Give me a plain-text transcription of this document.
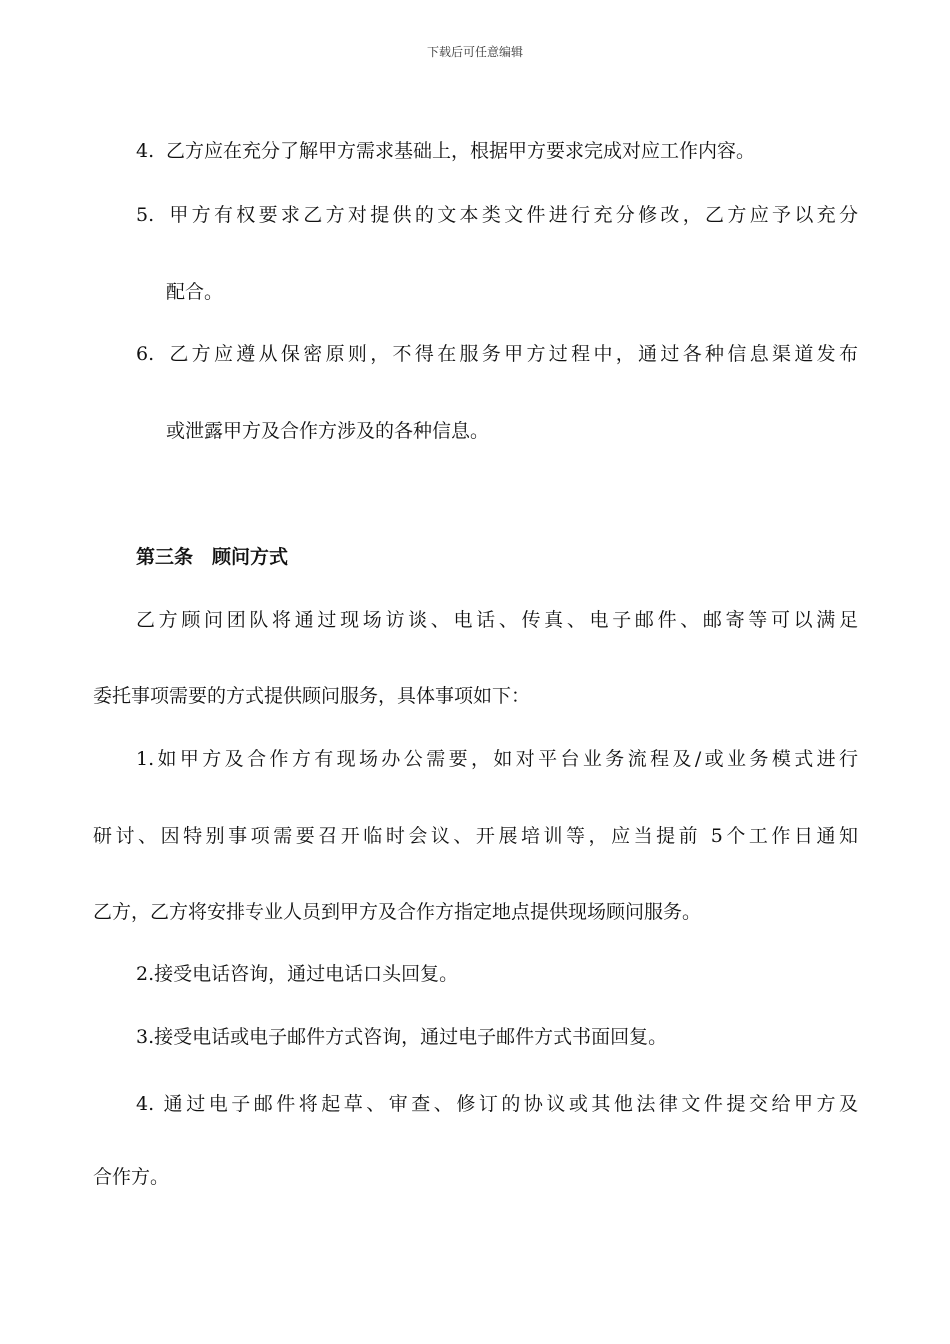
下载后可任意编辑
4. 乙方应在充分了解甲方需求基础上，根据甲方要求完成对应工作内容。
5. 甲方有权要求乙方对提供的文本类文件进行充分修改，乙方应予以充分
配合。
6. 乙方应遵从保密原则，不得在服务甲方过程中，通过各种信息渠道发布
或泄露甲方及合作方涉及的各种信息。
第三条　顾问方式
乙方顾问团队将通过现场访谈、电话、传真、电子邮件、邮寄等可以满足
委托事项需要的方式提供顾问服务，具体事项如下：
1.如甲方及合作方有现场办公需要，如对平台业务流程及/或业务模式进行
研讨、因特别事项需要召开临时会议、开展培训等，应当提前 5个工作日通知
乙方，乙方将安排专业人员到甲方及合作方指定地点提供现场顾问服务。
2.接受电话咨询，通过电话口头回复。
3.接受电话或电子邮件方式咨询，通过电子邮件方式书面回复。
4. 通过电子邮件将起草、审查、修订的协议或其他法律文件提交给甲方及
合作方。
